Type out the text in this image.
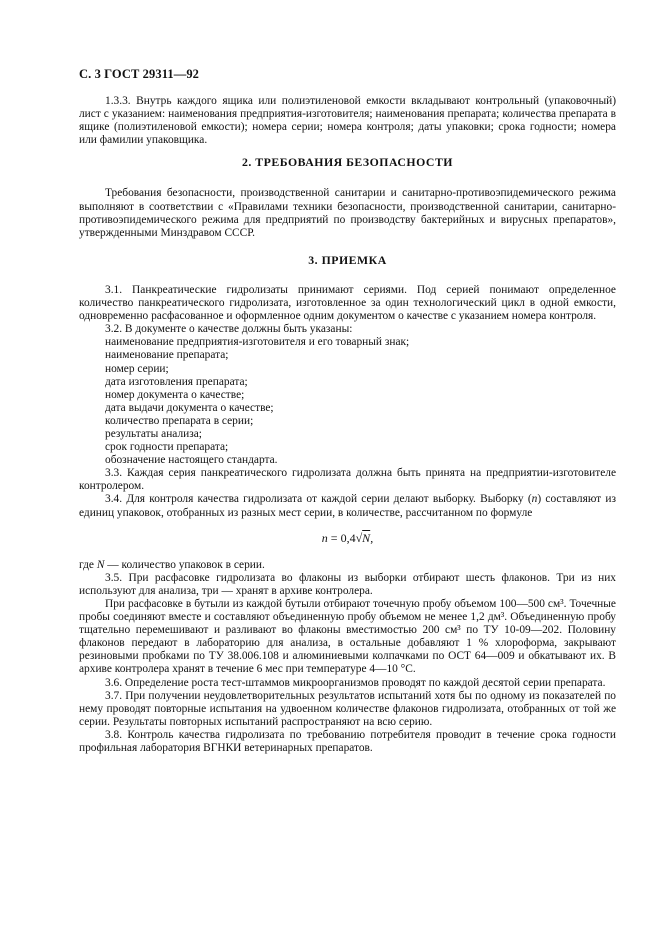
С. 3 ГОСТ 29311—92

1.3.3. Внутрь каждого ящика или полиэтиленовой емкости вкладывают контрольный (упаковочный) лист с указанием: наименования предприятия-изготовителя; наименования препарата; количества препарата в ящике (полиэтиленовой емкости); номера серии; номера контроля; даты упаковки; срока годности; номера или фамилии упаковщика.

2. ТРЕБОВАНИЯ БЕЗОПАСНОСТИ

Требования безопасности, производственной санитарии и санитарно-противоэпидемического режима выполняют в соответствии с «Правилами техники безопасности, производственной санитарии, санитарно-противоэпидемического режима для предприятий по производству бактерийных и вирусных препаратов», утвержденными Минздравом СССР.

3. ПРИЕМКА

3.1. Панкреатические гидролизаты принимают сериями. Под серией понимают определенное количество панкреатического гидролизата, изготовленное за один технологический цикл в одной емкости, одновременно расфасованное и оформленное одним документом о качестве с указанием номера контроля.

3.2. В документе о качестве должны быть указаны:

наименование предприятия-изготовителя и его товарный знак;
наименование препарата;
номер серии;
дата изготовления препарата;
номер документа о качестве;
дата выдачи документа о качестве;
количество препарата в серии;
результаты анализа;
срок годности препарата;
обозначение настоящего стандарта.

3.3. Каждая серия панкреатического гидролизата должна быть принята на предприятии-изготовителе контролером.

3.4. Для контроля качества гидролизата от каждой серии делают выборку. Выборку (n) составляют из единиц упаковок, отобранных из разных мест серии, в количестве, рассчитанном по формуле

n = 0,4√N,

где N — количество упаковок в серии.

3.5. При расфасовке гидролизата во флаконы из выборки отбирают шесть флаконов. Три из них используют для анализа, три — хранят в архиве контролера.

При расфасовке в бутыли из каждой бутыли отбирают точечную пробу объемом 100—500 см³. Точечные пробы соединяют вместе и составляют объединенную пробу объемом не менее 1,2 дм³. Объединенную пробу тщательно перемешивают и разливают во флаконы вместимостью 200 см³ по ТУ 10-09—202. Половину флаконов передают в лабораторию для анализа, в остальные добавляют 1 % хлороформа, закрывают резиновыми пробками по ТУ 38.006.108 и алюминиевыми колпачками по ОСТ 64—009 и обкатывают их. В архиве контролера хранят в течение 6 мес при температуре 4—10 °С.

3.6. Определение роста тест-штаммов микроорганизмов проводят по каждой десятой серии препарата.

3.7. При получении неудовлетворительных результатов испытаний хотя бы по одному из показателей по нему проводят повторные испытания на удвоенном количестве флаконов гидролизата, отобранных от той же серии. Результаты повторных испытаний распространяют на всю серию.

3.8. Контроль качества гидролизата по требованию потребителя проводит в течение срока годности профильная лаборатория ВГНКИ ветеринарных препаратов.
